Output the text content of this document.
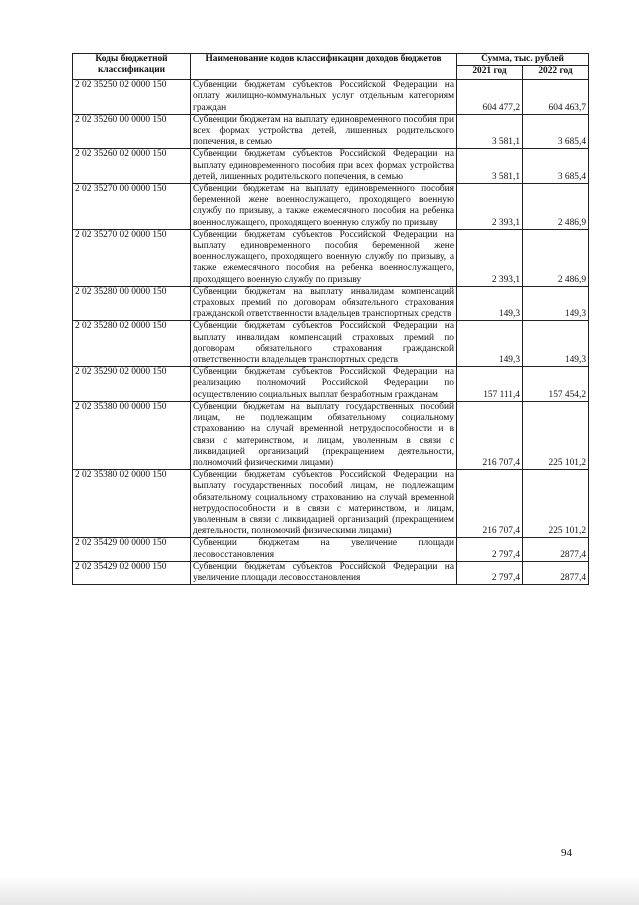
Коды бюджетной классификации	Наименование кодов классификации доходов бюджетов	Сумма, тыс. рублей	
		2021 год	2022 год
2 02 35250 02 0000 150	Субвенции бюджетам субъектов Российской Федерации на оплату жилищно-коммунальных услуг отдельным категориям граждан	604 477,2	604 463,7
2 02 35260 00 0000 150	Субвенции бюджетам на выплату единовременного пособия при всех формах устройства детей, лишенных родительского попечения, в семью	3 581,1	3 685,4
2 02 35260 02 0000 150	Субвенции бюджетам субъектов Российской Федерации на выплату единовременного пособия при всех формах устройства детей, лишенных родительского попечения, в семью	3 581,1	3 685,4
2 02 35270 00 0000 150	Субвенции бюджетам на выплату единовременного пособия беременной жене военнослужащего, проходящего военную службу по призыву, а также ежемесячного пособия на ребенка военнослужащего, проходящего военную службу по призыву	2 393,1	2 486,9
2 02 35270 02 0000 150	Субвенции бюджетам субъектов Российской Федерации на выплату единовременного пособия беременной жене военнослужащего, проходящего военную службу по призыву, а также ежемесячного пособия на ребенка военнослужащего, проходящего военную службу по призыву	2 393,1	2 486,9
2 02 35280 00 0000 150	Субвенции бюджетам на выплату инвалидам компенсаций страховых премий по договорам обязательного страхования гражданской ответственности владельцев транспортных средств	149,3	149,3
2 02 35280 02 0000 150	Субвенции бюджетам субъектов Российской Федерации на выплату инвалидам компенсаций страховых премий по договорам обязательного страхования гражданской ответственности владельцев транспортных средств	149,3	149,3
2 02 35290 02 0000 150	Субвенции бюджетам субъектов Российской Федерации на реализацию полномочий Российской Федерации по осуществлению социальных выплат безработным гражданам	157 111,4	157 454,2
2 02 35380 00 0000 150	Субвенции бюджетам на выплату государственных пособий лицам, не подлежащим обязательному социальному страхованию на случай временной нетрудоспособности и в связи с материнством, и лицам, уволенным в связи с ликвидацией организаций (прекращением деятельности, полномочий физическими лицами)	216 707,4	225 101,2
2 02 35380 02 0000 150	Субвенции бюджетам субъектов Российской Федерации на выплату государственных пособий лицам, не подлежащим обязательному социальному страхованию на случай временной нетрудоспособности и в связи с материнством, и лицам, уволенным в связи с ликвидацией организаций (прекращением деятельности, полномочий физическими лицами)	216 707,4	225 101,2
2 02 35429 00 0000 150	Субвенции бюджетам на увеличение площади лесовосстановления	2 797,4	2877,4
2 02 35429 02 0000 150	Субвенции бюджетам субъектов Российской Федерации на увеличение площади лесовосстановления	2 797,4	2877,4
94
